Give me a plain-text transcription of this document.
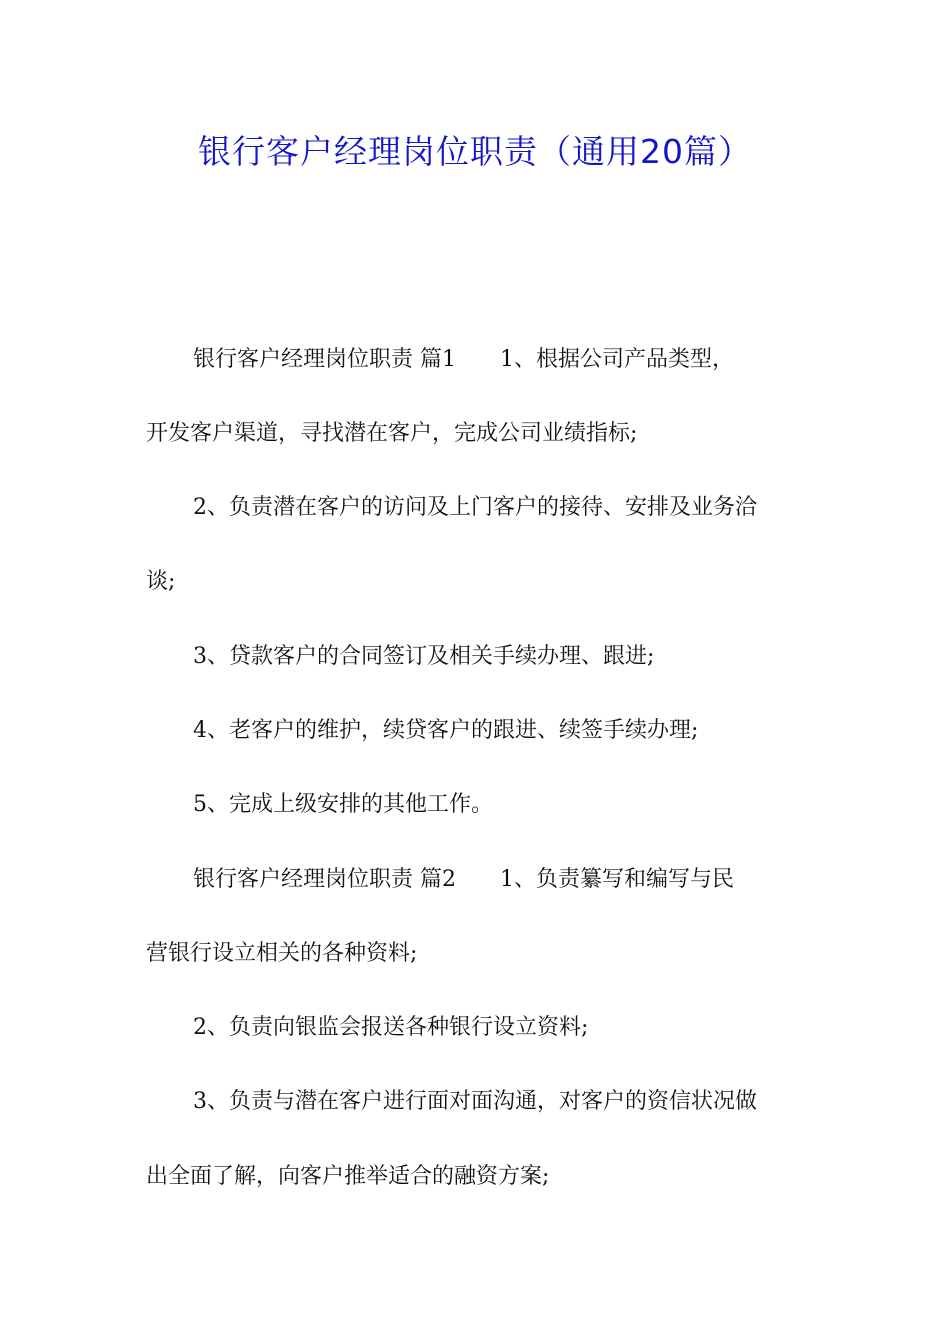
银行客户经理岗位职责（通用20篇）
银行客户经理岗位职责 篇1 1、根据公司产品类型，
开发客户渠道，寻找潜在客户，完成公司业绩指标;
2、负责潜在客户的访问及上门客户的接待、安排及业务洽
谈;
3、贷款客户的合同签订及相关手续办理、跟进;
4、老客户的维护，续贷客户的跟进、续签手续办理;
5、完成上级安排的其他工作。
银行客户经理岗位职责 篇2 1、负责纂写和编写与民
营银行设立相关的各种资料;
2、负责向银监会报送各种银行设立资料;
3、负责与潜在客户进行面对面沟通，对客户的资信状况做
出全面了解，向客户推举适合的融资方案;
